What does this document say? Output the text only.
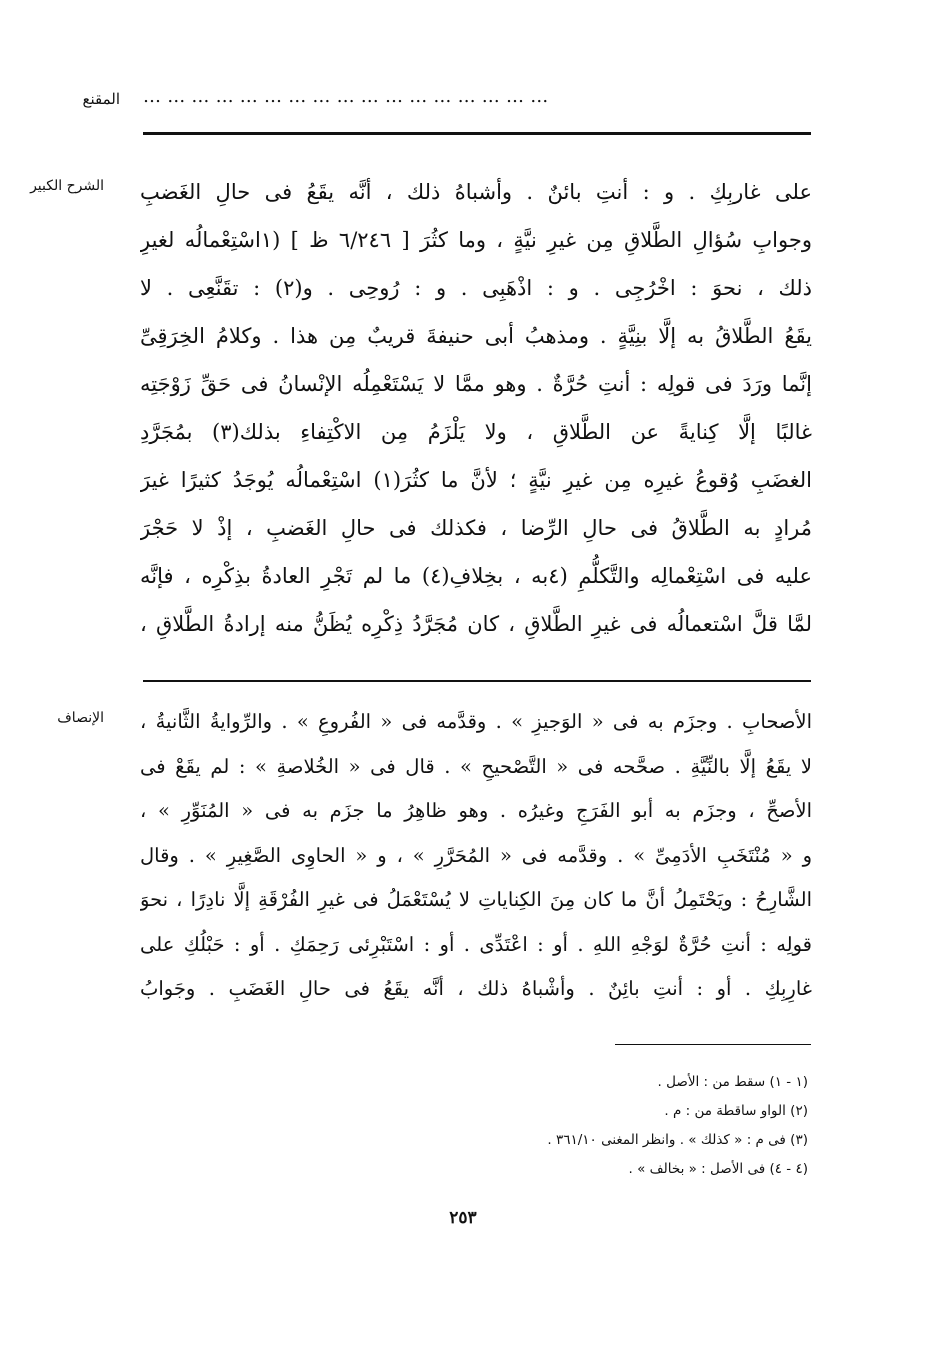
المقنع ……………………………………………
الشرح الكبير على غاربِكِ . و : أنتِ بائنٌ . وأشباهُ ذلك ، أنَّه يقَعُ فى حالِ الغَضبِ
وجوابِ سُؤالِ الطَّلاقِ مِن غيرِ نيَّةٍ ، وما كثُرَ [ ٦/٢٤٦ ظ ] (١اسْتِعْمالُه لغيرِ
ذلك ، نحوَ : اخْرُجِى . و : اذْهَبِى . و : رُوحِى . و(٢) : تقَنَّعِى . لا
يقَعُ الطَّلاقُ به إلَّا بنِيَّةٍ . ومذهبُ أبى حنيفةَ قريبٌ مِن هذا . وكلامُ الخِرَقِىِّ
إنَّما ورَدَ فى قولِه : أنتِ حُرَّةٌ . وهو ممَّا لا يَسْتَعْمِلُه الإنْسانُ فى حَقِّ زَوْجَتِه
غالبًا إلَّا كِنايةً عن الطَّلاقِ ، ولا يَلْزَمُ مِن الاكْتِفاءِ بذلك(٣) بمُجَرَّدِ
الغضَبِ وُقوعُ غيرِه مِن غيرِ نيَّةٍ ؛ لأنَّ ما كثُرَ(١) اسْتِعْمالُه يُوجَدُ كثيرًا غيرَ
مُرادٍ به الطَّلاقُ فى حالِ الرِّضا ، فكذلك فى حالِ الغَضبِ ، إذْ لا حَجْرَ
عليه فى اسْتِعْمالِه والتَّكلُّمِ (٤به ، بخِلافِ(٤) ما لم تَجْرِ العادةُ بذِكْرِه ، فإنَّه
لمَّا قلَّ اسْتعمالُه فى غيرِ الطَّلاقِ ، كان مُجَرَّدُ ذِكْرِه يُظَنُّ منه إرادةُ الطَّلاقِ ،
الإنصاف الأصحابِ . وجزَم به فى « الوَجيزِ » . وقدَّمه فى « الفُروعِ » . والرِّوايةُ الثَّانيةُ ،
لا يقَعُ إلَّا بالنِّيَّةِ . صحَّحه فى « التَّصْحيحِ » . قال فى « الخُلاصةِ » : لم يقَعْ فى
الأصحِّ ، وجزَم به أبو الفَرَجِ وغيرُه . وهو ظاهِرُ ما جزَم به فى « المُنَوِّرِ » ،
و « مُنْتَخَبِ الأدَمِىِّ » . وقدَّمه فى « المُحَرَّرِ » ، و « الحاوِى الصَّغِيرِ » . وقال
الشَّارِحُ : ويَحْتَمِلُ أنَّ ما كان مِنَ الكِناياتِ لا يُسْتَعْمَلُ فى غيرِ الفُرْقَةِ إلَّا نادِرًا ، نحوَ
قولِه : أنتِ حُرَّةٌ لوَجْهِ اللهِ . أو : اعْتَدِّى . أو : اسْتَبْرِئى رَحِمَكِ . أو : حَبْلُكِ على
غارِبِكِ . أو : أنتِ بائِنٌ . وأشْباهُ ذلك ، أنَّه يقَعُ فى حالِ الغَضَبِ . وجَوابُ
(١ - ١) سقط من : الأصل .
(٢) الواو ساقطة من : م .
(٣) فى م : « كذلك » . وانظر المغنى ٣٦١/١٠ .
(٤ - ٤) فى الأصل : « بخالف » .
٢٥٣
